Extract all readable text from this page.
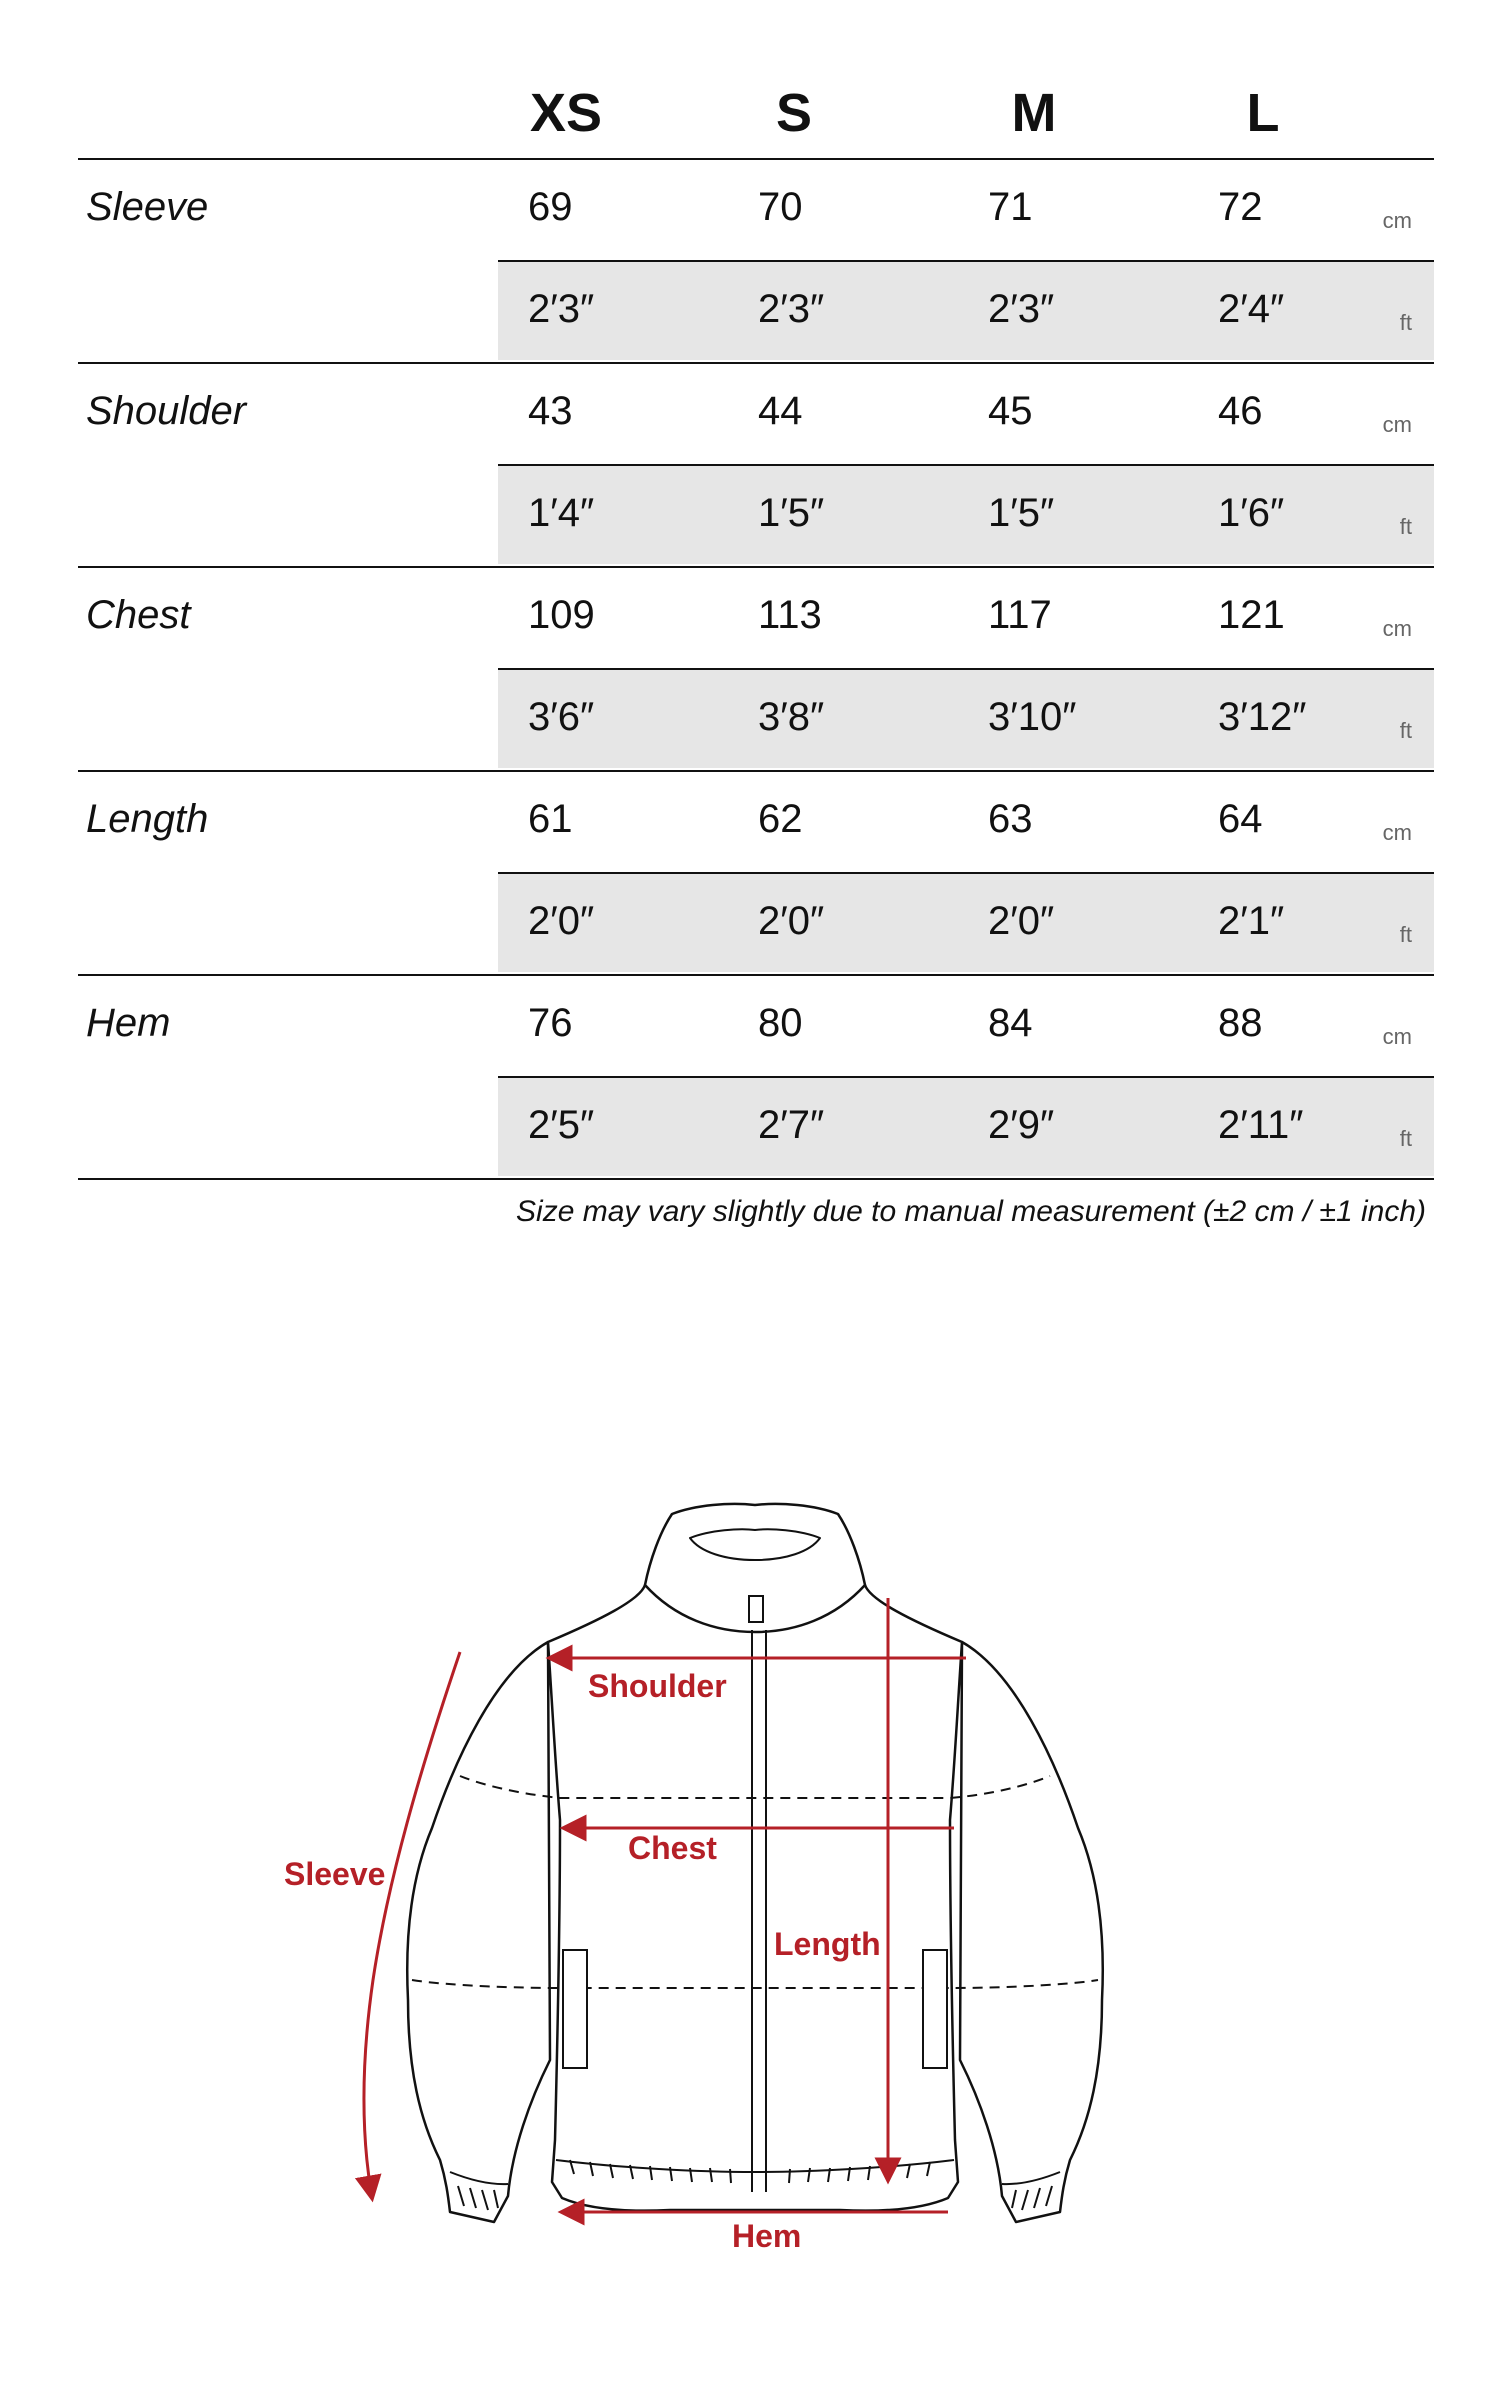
XS	S	M	L
Sleeve	69	70	71	72	cm
2′3″	2′3″	2′3″	2′4″	ft
Shoulder	43	44	45	46	cm
1′4″	1′5″	1′5″	1′6″	ft
Chest	109	113	117	121	cm
3′6″	3′8″	3′10″	3′12″	ft
Length	61	62	63	64	cm
2′0″	2′0″	2′0″	2′1″	ft
Hem	76	80	84	88	cm
2′5″	2′7″	2′9″	2′11″	ft
Size may vary slightly due to manual measurement (±2 cm / ±1 inch)
Shoulder
Chest
Sleeve
Length
Hem
